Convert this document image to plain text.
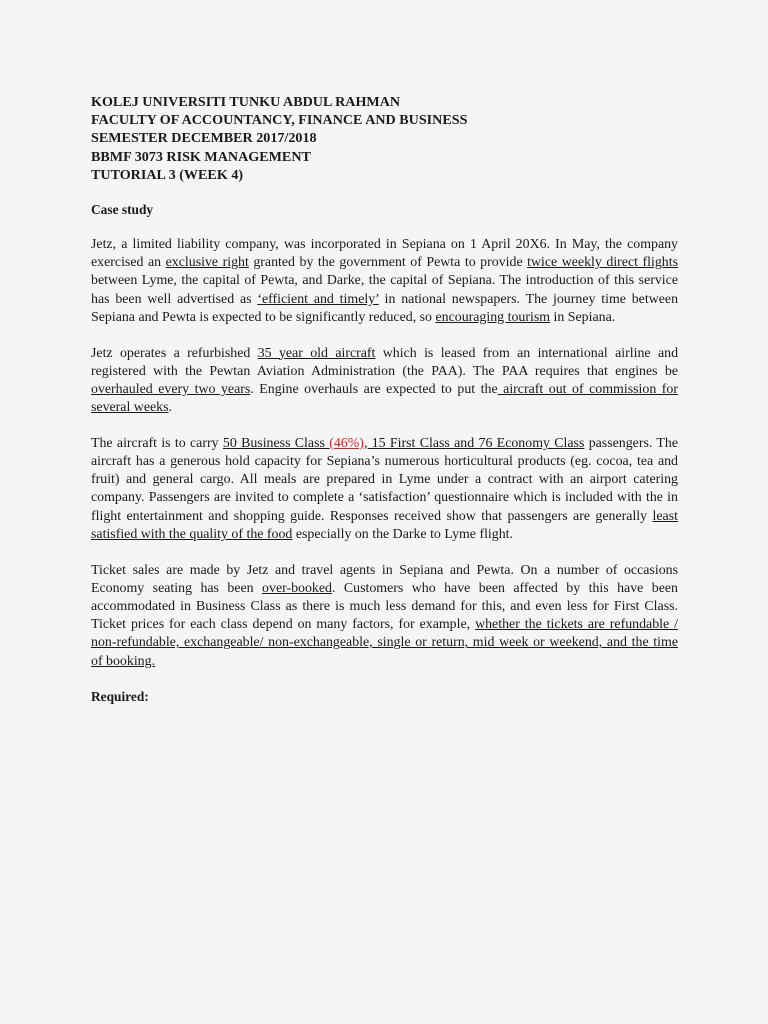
KOLEJ UNIVERSITI TUNKU ABDUL RAHMAN
FACULTY OF ACCOUNTANCY, FINANCE AND BUSINESS
SEMESTER DECEMBER 2017/2018
BBMF 3073 RISK MANAGEMENT
TUTORIAL 3 (WEEK 4)
Case study

Jetz, a limited liability company, was incorporated in Sepiana on 1 April 20X6. In May, the company exercised an exclusive right granted by the government of Pewta to provide twice weekly direct flights between Lyme, the capital of Pewta, and Darke, the capital of Sepiana. The introduction of this service has been well advertised as ‘efficient and timely’ in national newspapers. The journey time between Sepiana and Pewta is expected to be significantly reduced, so encouraging tourism in Sepiana.

Jetz operates a refurbished 35 year old aircraft which is leased from an international airline and registered with the Pewtan Aviation Administration (the PAA). The PAA requires that engines be overhauled every two years. Engine overhauls are expected to put the aircraft out of commission for several weeks.

The aircraft is to carry 50 Business Class (46%), 15 First Class and 76 Economy Class passengers. The aircraft has a generous hold capacity for Sepiana’s numerous horticultural products (eg. cocoa, tea and fruit) and general cargo. All meals are prepared in Lyme under a contract with an airport catering company. Passengers are invited to complete a ‘satisfaction’ questionnaire which is included with the in flight entertainment and shopping guide. Responses received show that passengers are generally least satisfied with the quality of the food especially on the Darke to Lyme flight.

Ticket sales are made by Jetz and travel agents in Sepiana and Pewta. On a number of occasions Economy seating has been over-booked. Customers who have been affected by this have been accommodated in Business Class as there is much less demand for this, and even less for First Class. Ticket prices for each class depend on many factors, for example, whether the tickets are refundable / non-refundable, exchangeable/ non-exchangeable, single or return, mid week or weekend, and the time of booking.

Required:
